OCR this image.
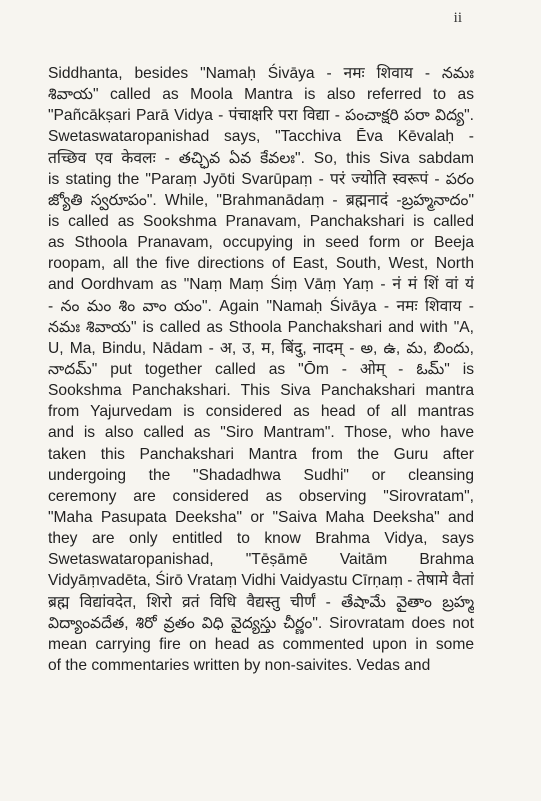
ii
Siddhanta, besides "Namaḥ Śivāya - नमः शिवाय - నమః
శివాయ" called as Moola Mantra is also referred to as
"Pañcākṣari Parā Vidya - पंचाक्षरि परा विद्या - పంచాక్షరి పరా విద్య".
Swetaswataropanishad says, "Tacchiva Ēva Kēvalaḥ -
तच्छिव एव केवलः - తచ్ఛివ ఏవ కేవలః". So, this Siva sabdam
is stating the "Paraṃ Jyōti Svarūpaṃ - परं ज्योति स्वरूपं - పరం
జ్యోతి స్వరూపం". While, "Brahmanādaṃ - ब्रह्मनादं -బ్రహ్మనాదం"
is called as Sookshma Pranavam, Panchakshari is called
as Sthoola Pranavam, occupying in seed form or Beeja
roopam, all the five directions of East, South, West, North
and Oordhvam as "Naṃ Maṃ Śiṃ Vāṃ Yaṃ - नं मं शिं वां यं
- నం మం శిం వాం యం". Again "Namaḥ Śivāya - नमः शिवाय -
నమః శివాయ" is called as Sthoola Panchakshari and with "A,
U, Ma, Bindu, Nādam - अ, उ, म, बिंदु, नादम् - అ, ఉ, మ, బిందు,
నాదమ్" put together called as "Ōm - ओम् - ఓమ్" is
Sookshma Panchakshari. This Siva Panchakshari mantra
from Yajurvedam is considered as head of all mantras
and is also called as "Siro Mantram". Those, who have
taken this Panchakshari Mantra from the Guru after
undergoing the "Shadadhwa Sudhi" or cleansing
ceremony are considered as observing "Sirovratam",
"Maha Pasupata Deeksha" or "Saiva Maha Deeksha" and
they are only entitled to know Brahma Vidya, says
Swetaswataropanishad, "Tēṣāmē Vaitām Brahma
Vidyāṃvadēta, Śirō Vrataṃ Vidhi Vaidyastu Cīrṇaṃ - तेषामे वैतां
ब्रह्म विद्यांवदेत, शिरो व्रतं विधि वैद्यस्तु चीर्णं - తేషామే వైతాం బ్రహ్మ
విద్యాంవదేత, శిరో వ్రతం విధి వైద్యస్తు చీర్ణం". Sirovratam does not
mean carrying fire on head as commented upon in some
of the commentaries written by non-saivites. Vedas and
